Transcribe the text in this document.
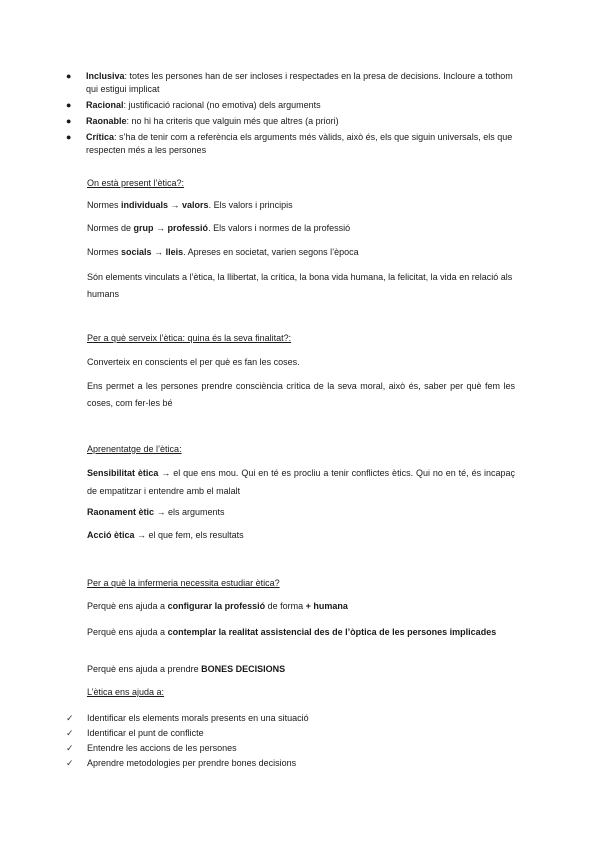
● Inclusiva: totes les persones han de ser incloses i respectades en la presa de decisions. Incloure a tothom qui estigui implicat
● Racional: justificació racional (no emotiva) dels arguments
● Raonable: no hi ha criteris que valguin més que altres (a priori)
● Crítica: s’ha de tenir com a referència els arguments més vàlids, això és, els que siguin universals, els que respecten més a les persones
On està present l’ètica?:
Normes individuals → valors. Els valors i principis
Normes de grup → professió. Els valors i normes de la professió
Normes socials → lleis. Apreses en societat, varien segons l’època
Són elements vinculats a l’ètica, la llibertat, la crítica, la bona vida humana, la felicitat, la vida en relació als humans
Per a què serveix l’ètica: quina és la seva finalitat?:
Converteix en conscients el per què es fan les coses.
Ens permet a les persones prendre consciència crítica de la seva moral, això és, saber per què fem les coses, com fer-les bé
Aprenentatge de l’ètica:
Sensibilitat ètica → el que ens mou. Qui en té es procliu a tenir conflictes ètics. Qui no en té, és incapaç de empatitzar i entendre amb el malalt
Raonament ètic → els arguments
Acció ètica → el que fem, els resultats
Per a què la infermeria necessita estudiar ètica?
Perquè ens ajuda a configurar la professió de forma + humana
Perquè ens ajuda a contemplar la realitat assistencial des de l’òptica de les persones implicades
Perquè ens ajuda a prendre BONES DECISIONS
L’ètica ens ajuda a:
✓ Identificar els elements morals presents en una situació
✓ Identificar el punt de conflicte
✓ Entendre les accions de les persones
✓ Aprendre metodologies per prendre bones decisions
